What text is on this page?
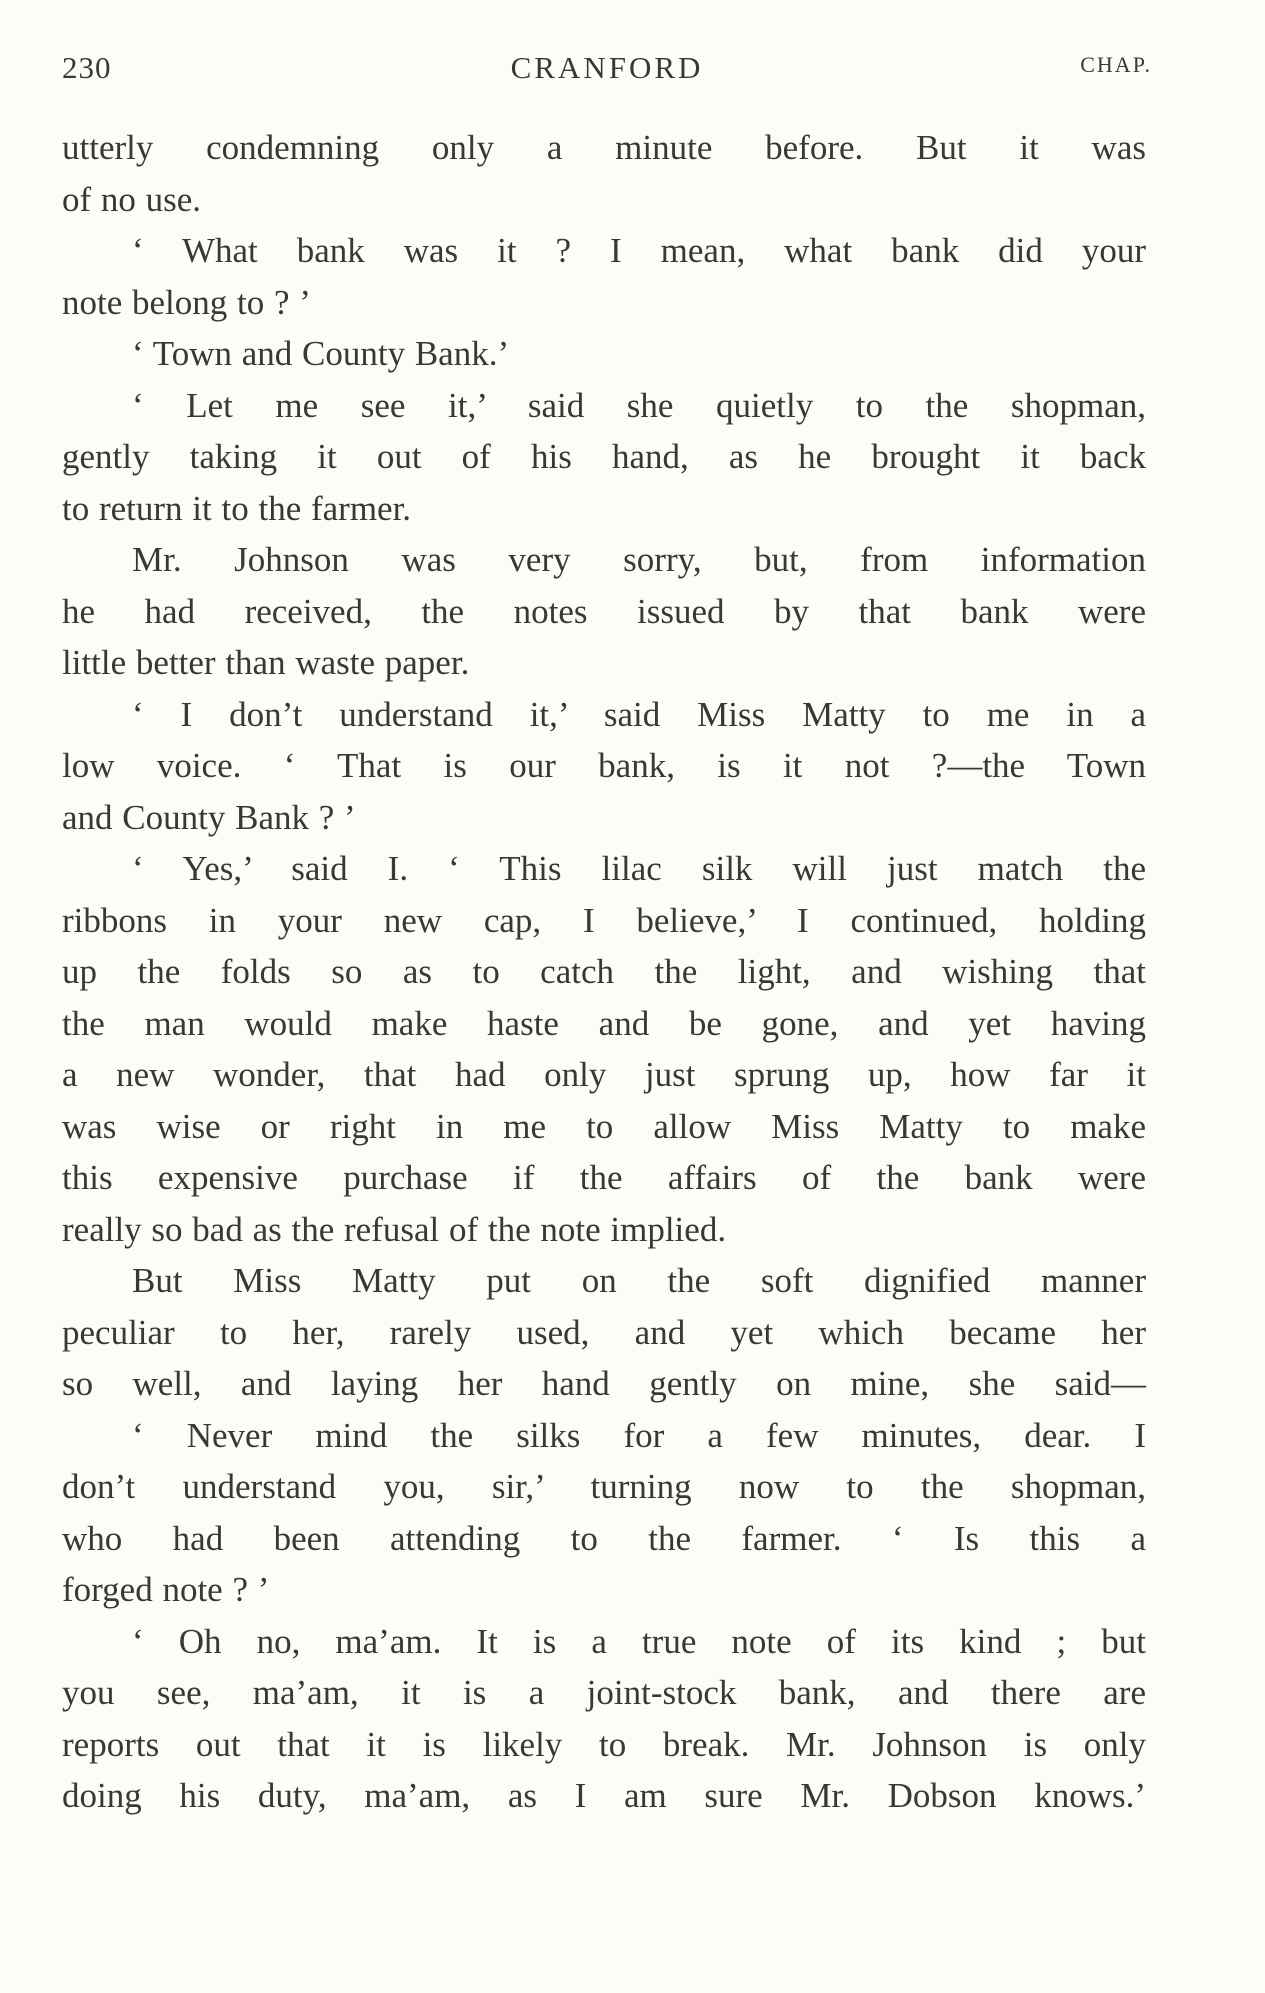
230	CRANFORD	CHAP.
utterly condemning only a minute before. But it was
of no use.
‘ What bank was it ? I mean, what bank did your
note belong to ? ’
‘ Town and County Bank.’
‘ Let me see it,’ said she quietly to the shopman,
gently taking it out of his hand, as he brought it back
to return it to the farmer.
Mr. Johnson was very sorry, but, from information
he had received, the notes issued by that bank were
little better than waste paper.
‘ I don’t understand it,’ said Miss Matty to me in a
low voice. ‘ That is our bank, is it not ?—the Town
and County Bank ? ’
‘ Yes,’ said I. ‘ This lilac silk will just match the
ribbons in your new cap, I believe,’ I continued, holding
up the folds so as to catch the light, and wishing that
the man would make haste and be gone, and yet having
a new wonder, that had only just sprung up, how far it
was wise or right in me to allow Miss Matty to make
this expensive purchase if the affairs of the bank were
really so bad as the refusal of the note implied.
But Miss Matty put on the soft dignified manner
peculiar to her, rarely used, and yet which became her
so well, and laying her hand gently on mine, she said—
‘ Never mind the silks for a few minutes, dear. I
don’t understand you, sir,’ turning now to the shopman,
who had been attending to the farmer. ‘ Is this a
forged note ? ’
‘ Oh no, ma’am. It is a true note of its kind ; but
you see, ma’am, it is a joint-stock bank, and there are
reports out that it is likely to break. Mr. Johnson is only
doing his duty, ma’am, as I am sure Mr. Dobson knows.’
